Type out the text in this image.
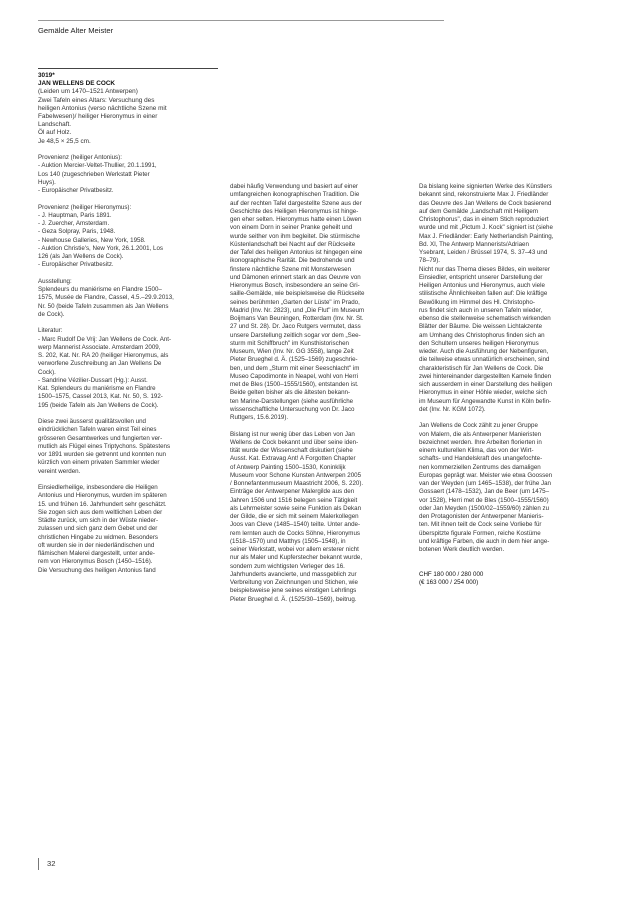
Gemälde Alter Meister
3019*
JAN WELLENS DE COCK
(Leiden um 1470–1521 Antwerpen)
Zwei Tafeln eines Altars: Versuchung des
heiligen Antonius (verso nächtliche Szene mit
Fabelwesen)/ heiliger Hieronymus in einer
Landschaft.
Öl auf Holz.
Je 48,5 × 25,5 cm.

Provenienz (heiliger Antonius):

- Auktion Mercier-Veltet-Thullier, 20.1.1991,

Los 140 (zugeschrieben Werkstatt Pieter

Huys).

- Europäischer Privatbesitz.

Provenienz (heiliger Hieronymus):

- J. Hauptman, Paris 1891.

- J. Zuercher, Amsterdam.

- Geza Solpray, Paris, 1948.

- Newhouse Galleries, New York, 1958.

- Auktion Christie's, New York, 26.1.2001, Los

126 (als Jan Wellens de Cock).

- Europäischer Privatbesitz.

Ausstellung:

Splendeurs du maniérisme en Flandre 1500–

1575, Musée de Flandre, Cassel, 4.5.–29.9.2013,

Nr. 50 (beide Tafeln zusammen als Jan Wellens

de Cock).

Literatur:

- Marc Rudolf De Vrij: Jan Wellens de Cock. Ant-

werp Mannerist Associate. Amsterdam 2009,

S. 202, Kat. Nr. RA 20 (heiliger Hieronymus, als

verworfene Zuschreibung an Jan Wellens De

Cock).

- Sandrine Vézilier-Dussart (Hg.): Ausst.

Kat. Splendeurs du maniérisme en Flandre

1500–1575, Cassel 2013, Kat. Nr. 50, S. 192-

195 (beide Tafeln als Jan Wellens de Cock).

Diese zwei äusserst qualitätsvollen und

eindrücklichen Tafeln waren einst Teil eines

grösseren Gesamtwerkes und fungierten ver-

mutlich als Flügel eines Triptychons. Spätestens

vor 1891 wurden sie getrennt und konnten nun

kürzlich von einem privaten Sammler wieder

vereint werden.

Einsiedlerheilige, insbesondere die Heiligen

Antonius und Hieronymus, wurden im späteren

15. und frühen 16. Jahrhundert sehr geschätzt.

Sie zogen sich aus dem weltlichen Leben der

Städte zurück, um sich in der Wüste nieder-

zulassen und sich ganz dem Gebet und der

christlichen Hingabe zu widmen. Besonders

oft wurden sie in der niederländischen und

flämischen Malerei dargestellt, unter ande-

rem von Hieronymus Bosch (1450–1516).

Die Versuchung des heiligen Antonius fand

dabei häufig Verwendung und basiert auf einer

umfangreichen ikonographischen Tradition. Die

auf der rechten Tafel dargestellte Szene aus der

Geschichte des Heiligen Hieronymus ist hinge-

gen eher selten. Hieronymus hatte einen Löwen

von einem Dorn in seiner Pranke geheilt und

wurde seither von ihm begleitet. Die stürmische

Küstenlandschaft bei Nacht auf der Rückseite

der Tafel des heiligen Antonius ist hingegen eine

ikonographische Rarität. Die bedrohende und

finstere nächtliche Szene mit Monsterwesen

und Dämonen erinnert stark an das Oeuvre von

Hieronymus Bosch, insbesondere an seine Gri-

saille-Gemälde, wie beispielsweise die Rückseite

seines berühmten „Garten der Lüste" im Prado,

Madrid (Inv. Nr. 2823), und „Die Flut" im Museum

Boijmans Van Beuningen, Rotterdam (Inv. Nr. St.

27 und St. 28). Dr. Jaco Rutgers vermutet, dass

unsere Darstellung zeitlich sogar vor dem „See-

sturm mit Schiffbruch" im Kunsthistorischen

Museum, Wien (Inv. Nr. GG 3558), lange Zeit

Pieter Brueghel d. Ä. (1525–1569) zugeschrie-

ben, und dem „Sturm mit einer Seeschlacht" im

Museo Capodimonte in Neapel, wohl von Herri

met de Bles (1500–1555/1560), entstanden ist.

Beide gelten bisher als die ältesten bekann-

ten Marine-Darstellungen (siehe ausführliche

wissenschaftliche Untersuchung von Dr. Jaco

Ruttgers, 15.6.2019).

Bislang ist nur wenig über das Leben von Jan

Wellens de Cock bekannt und über seine iden-

tität wurde der Wissenschaft diskutiert (siehe

Ausst. Kat. Extravag Ant! A Forgotten Chapter

of Antwerp Painting 1500–1530, Koninklijk

Museum voor Schone Kunsten Antwerpen 2005

/ Bonnefantenmuseum Maastricht 2006, S. 220).

Einträge der Antwerpener Malergilde aus den

Jahren 1506 und 1516 belegen seine Tätigkeit

als Lehrmeister sowie seine Funktion als Dekan

der Gilde, die er sich mit seinem Malerkollegen

Joos van Cleve (1485–1540) teilte. Unter ande-

rem lernten auch de Cocks Söhne, Hieronymus

(1518–1570) und Matthys (1505–1548), in

seiner Werkstatt, wobei vor allem ersterer nicht

nur als Maler und Kupferstecher bekannt wurde,

sondern zum wichtigsten Verleger des 16.

Jahrhunderts avancierte, und massgeblich zur

Verbreitung von Zeichnungen und Stichen, wie

beispielsweise jene seines einstigen Lehrlings

Pieter Brueghel d. Ä. (1525/30–1569), beitrug.

Da bislang keine signierten Werke des Künstlers

bekannt sind, rekonstruierte Max J. Friedländer

das Oeuvre des Jan Wellens de Cock basierend

auf dem Gemälde „Landschaft mit Heiligem

Christophorus", das in einem Stich reproduziert

wurde und mit „Pictum J. Kock" signiert ist (siehe

Max J. Friedländer: Early Netherlandish Painting,

Bd. XI, The Antwerp Mannerists/Adriaen

Ysebrant, Leiden / Brüssel 1974, S. 37–43 und

78–79).

Nicht nur das Thema dieses Bildes, ein weiterer

Einsiedler, entspricht unserer Darstellung der

Heiligen Antonius und Hieronymus, auch viele

stilistische Ähnlichkeiten fallen auf: Die kräftige

Bewölkung im Himmel des Hl. Christopho-

rus findet sich auch in unseren Tafeln wieder,

ebenso die stellenweise schematisch wirkenden

Blätter der Bäume. Die weissen Lichtakzente

am Umhang des Christophorus finden sich an

den Schultern unseres heiligen Hieronymus

wieder. Auch die Ausführung der Nebenfiguren,

die teilweise etwas unnatürlich erscheinen, sind

charakteristisch für Jan Wellens de Cock. Die

zwei hintereinander dargestellten Kamele finden

sich ausserdem in einer Darstellung des heiligen

Hieronymus in einer Höhle wieder, welche sich

im Museum für Angewandte Kunst in Köln befin-

det (Inv. Nr. KGM 1072).

Jan Wellens de Cock zählt zu jener Gruppe

von Malern, die als Antwerpener Manieristen

bezeichnet werden. Ihre Arbeiten florierten in

einem kulturellen Klima, das von der Wirt-

schafts- und Handelskraft des unangefochte-

nen kommerziellen Zentrums des damaligen

Europas geprägt war. Meister wie etwa Goossen

van der Weyden (um 1465–1538), der frühe Jan

Gossaert (1478–1532), Jan de Beer (um 1475–

vor 1528), Herri met de Bles (1500–1555/1560)

oder Jan Meyden (1500/02–1559/60) zählen zu

den Protagonisten der Antwerpener Manieris-

ten. Mit ihnen teilt de Cock seine Vorliebe für

überspitzte figurale Formen, reiche Kostüme

und kräftige Farben, die auch in dem hier ange-

botenen Werk deutlich werden.

CHF 180 000 / 280 000

(€ 163 000 / 254 000)

32
